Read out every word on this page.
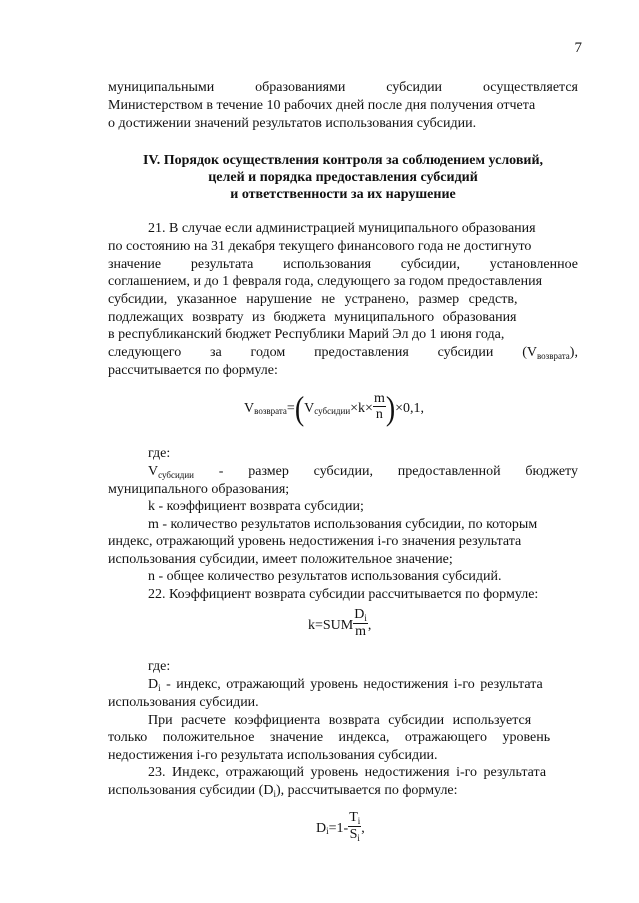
7
муниципальными	образованиями	субсидии	осуществляется
Министерством в течение 10 рабочих дней после дня получения отчета
о достижении значений результатов использования субсидии.
IV. Порядок осуществления контроля за соблюдением условий,
целей и порядка предоставления субсидий
и ответственности за их нарушение
21. В случае если администрацией муниципального образования
по состоянию на 31 декабря текущего финансового года не достигнуто
значение результата использования субсидии, установленное
соглашением, и до 1 февраля года, следующего за годом предоставления
субсидии, указанное нарушение не устранено, размер средств,
подлежащих возврату из бюджета муниципального образования
в республиканский бюджет Республики Марий Эл до 1 июня года,
следующего за годом предоставления субсидии $(V_{возврата})$,
рассчитывается по формуле:
V возврата = ( V субсидии $\times k\times \frac{m}{n}$ ) ×0,1,
где:
$V_{субсидии}$ - размер субсидии, предоставленной бюджету
муниципального образования;
k - коэффициент возврата субсидии;
m - количество результатов использования субсидии, по которым
индекс, отражающий уровень недостижения i-го значения результата
использования субсидии, имеет положительное значение;
n - общее количество результатов использования субсидий.
22. Коэффициент возврата субсидии рассчитывается по формуле:
$k=SUM \frac{D_i}{m}$ ,
где:
$D_i$ - индекс, отражающий уровень недостижения i-го результата
использования субсидии.
При расчете коэффициента возврата субсидии используется
только положительное значение индекса, отражающего уровень
недостижения i-го результата использования субсидии.
23. Индекс, отражающий уровень недостижения i-го результата
использования субсидии $(D_i)$, рассчитывается по формуле:
D $i =1- \frac{T_i}{S_i}$ ,
